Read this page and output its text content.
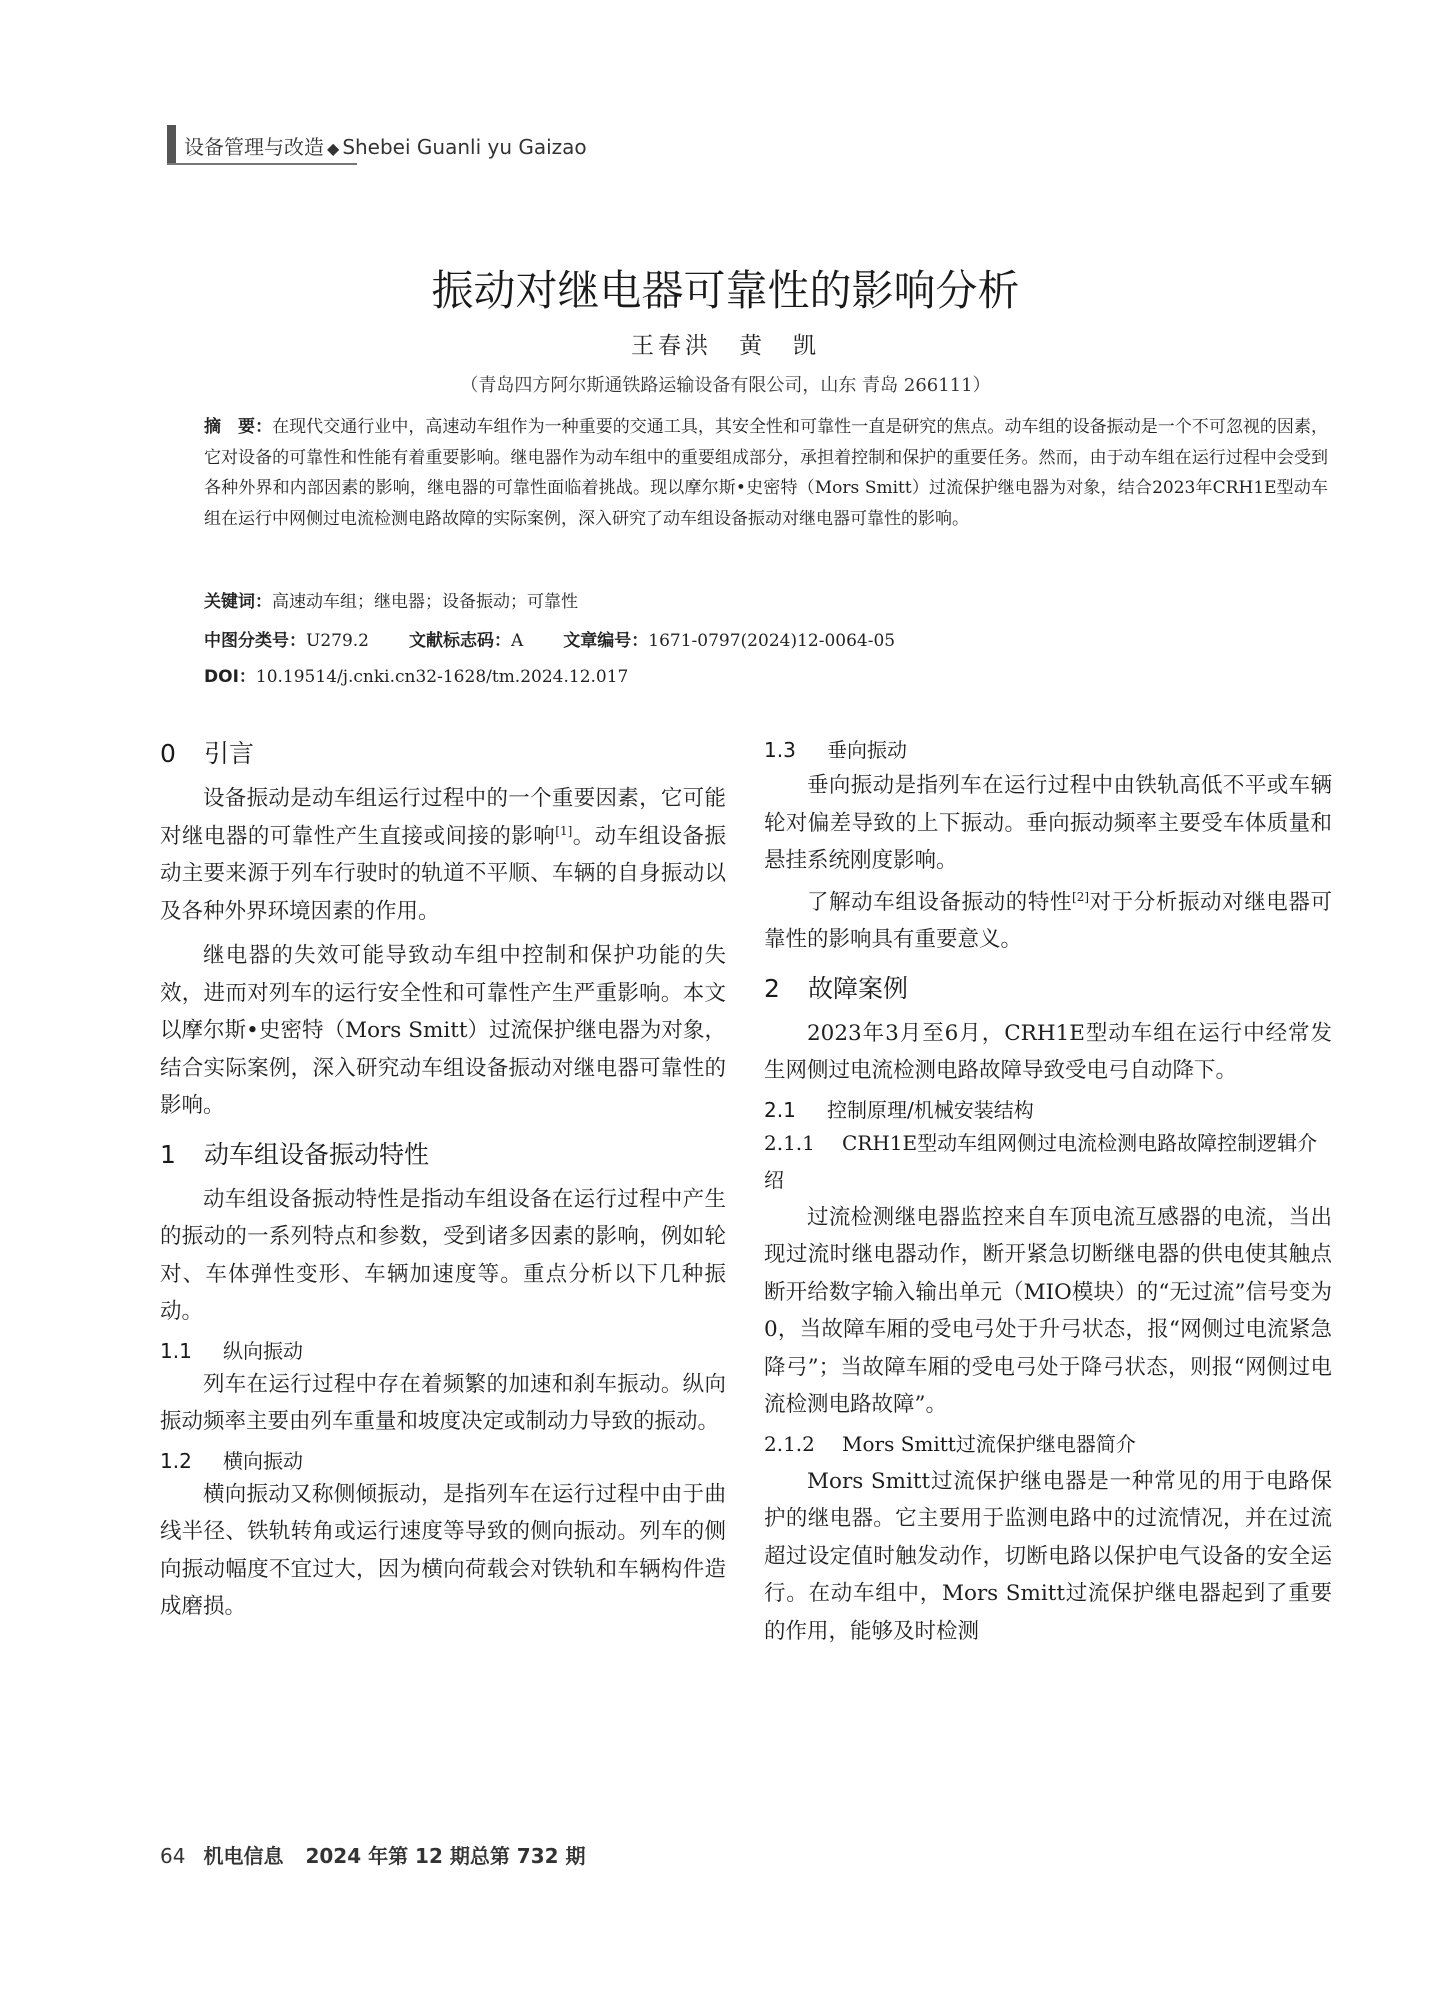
设备管理与改造 ◆ Shebei Guanli yu Gaizao
振动对继电器可靠性的影响分析
王春洪　黄　凯
（青岛四方阿尔斯通铁路运输设备有限公司，山东 青岛 266111）
摘　要：在现代交通行业中，高速动车组作为一种重要的交通工具，其安全性和可靠性一直是研究的焦点。动车组的设备振动是一个不可忽视的因素，它对设备的可靠性和性能有着重要影响。继电器作为动车组中的重要组成部分，承担着控制和保护的重要任务。然而，由于动车组在运行过程中会受到各种外界和内部因素的影响，继电器的可靠性面临着挑战。现以摩尔斯•史密特（Mors Smitt）过流保护继电器为对象，结合2023年CRH1E型动车组在运行中网侧过电流检测电路故障的实际案例，深入研究了动车组设备振动对继电器可靠性的影响。
关键词：高速动车组；继电器；设备振动；可靠性
中图分类号：U279.2 文献标志码：A 文章编号：1671-0797(2024)12-0064-05
DOI：10.19514/j.cnki.cn32-1628/tm.2024.12.017
0 引言

设备振动是动车组运行过程中的一个重要因素，它可能对继电器的可靠性产生直接或间接的影响[1]。动车组设备振动主要来源于列车行驶时的轨道不平顺、车辆的自身振动以及各种外界环境因素的作用。

继电器的失效可能导致动车组中控制和保护功能的失效，进而对列车的运行安全性和可靠性产生严重影响。本文以摩尔斯•史密特（Mors Smitt）过流保护继电器为对象，结合实际案例，深入研究动车组设备振动对继电器可靠性的影响。

1 动车组设备振动特性

动车组设备振动特性是指动车组设备在运行过程中产生的振动的一系列特点和参数，受到诸多因素的影响，例如轮对、车体弹性变形、车辆加速度等。重点分析以下几种振动。

1.1 纵向振动

列车在运行过程中存在着频繁的加速和刹车振动。纵向振动频率主要由列车重量和坡度决定或制动力导致的振动。

1.2 横向振动

横向振动又称侧倾振动，是指列车在运行过程中由于曲线半径、铁轨转角或运行速度等导致的侧向振动。列车的侧向振动幅度不宜过大，因为横向荷载会对铁轨和车辆构件造成磨损。

1.3 垂向振动

垂向振动是指列车在运行过程中由铁轨高低不平或车辆轮对偏差导致的上下振动。垂向振动频率主要受车体质量和悬挂系统刚度影响。

了解动车组设备振动的特性[2]对于分析振动对继电器可靠性的影响具有重要意义。

2 故障案例

2023年3月至6月，CRH1E型动车组在运行中经常发生网侧过电流检测电路故障导致受电弓自动降下。

2.1 控制原理/机械安装结构
2.1.1 CRH1E型动车组网侧过电流检测电路故障控制逻辑介绍

过流检测继电器监控来自车顶电流互感器的电流，当出现过流时继电器动作，断开紧急切断继电器的供电使其触点断开给数字输入输出单元（MIO模块）的“无过流”信号变为0，当故障车厢的受电弓处于升弓状态，报“网侧过电流紧急降弓”；当故障车厢的受电弓处于降弓状态，则报“网侧过电流检测电路故障”。

2.1.2 Mors Smitt过流保护继电器简介

Mors Smitt过流保护继电器是一种常见的用于电路保护的继电器。它主要用于监测电路中的过流情况，并在过流超过设定值时触发动作，切断电路以保护电气设备的安全运行。在动车组中，Mors Smitt过流保护继电器起到了重要的作用，能够及时检测

64 机电信息 2024 年第 12 期总第 732 期
